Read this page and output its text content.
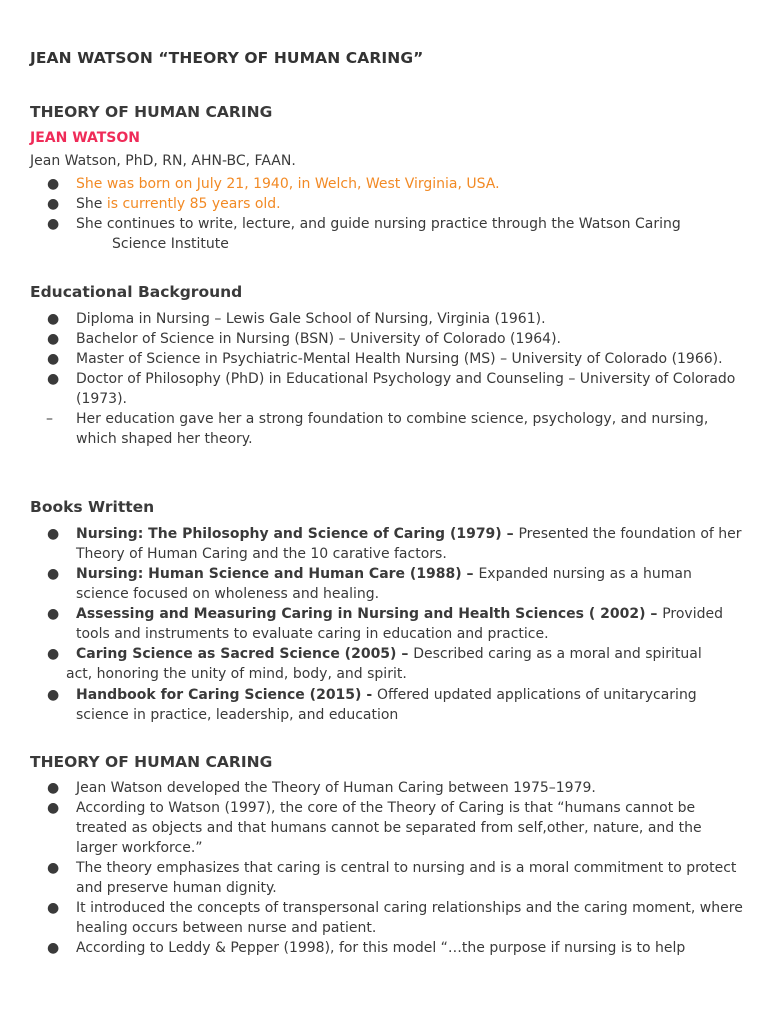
JEAN WATSON “THEORY OF HUMAN CARING”
THEORY OF HUMAN CARING
JEAN WATSON
Jean Watson, PhD, RN, AHN-BC, FAAN.
● She was born on July 21, 1940, in Welch, West Virginia, USA.
● She is currently 85 years old.
● She continues to write, lecture, and guide nursing practice through the Watson Caring
Science Institute
Educational Background
● Diploma in Nursing – Lewis Gale School of Nursing, Virginia (1961).
● Bachelor of Science in Nursing (BSN) – University of Colorado (1964).
● Master of Science in Psychiatric-Mental Health Nursing (MS) – University of Colorado (1966).
● Doctor of Philosophy (PhD) in Educational Psychology and Counseling – University of Colorado (1973).
– Her education gave her a strong foundation to combine science, psychology, and nursing, which shaped her theory.
Books Written
● Nursing: The Philosophy and Science of Caring (1979) – Presented the foundation of her Theory of Human Caring and the 10 carative factors.
● Nursing: Human Science and Human Care (1988) – Expanded nursing as a human science focused on wholeness and healing.
● Assessing and Measuring Caring in Nursing and Health Sciences ( 2002) – Provided tools and instruments to evaluate caring in education and practice.
● Caring Science as Sacred Science (2005) – Described caring as a moral and spiritual
act, honoring the unity of mind, body, and spirit.
● Handbook for Caring Science (2015) - Offered updated applications of unitarycaring science in practice, leadership, and education
THEORY OF HUMAN CARING
● Jean Watson developed the Theory of Human Caring between 1975–1979.
● According to Watson (1997), the core of the Theory of Caring is that “humans cannot be treated as objects and that humans cannot be separated from self,other, nature, and the larger workforce.”
● The theory emphasizes that caring is central to nursing and is a moral commitment to protect and preserve human dignity.
● It introduced the concepts of transpersonal caring relationships and the caring moment, where healing occurs between nurse and patient.
● According to Leddy & Pepper (1998), for this model “…the purpose if nursing is to help
